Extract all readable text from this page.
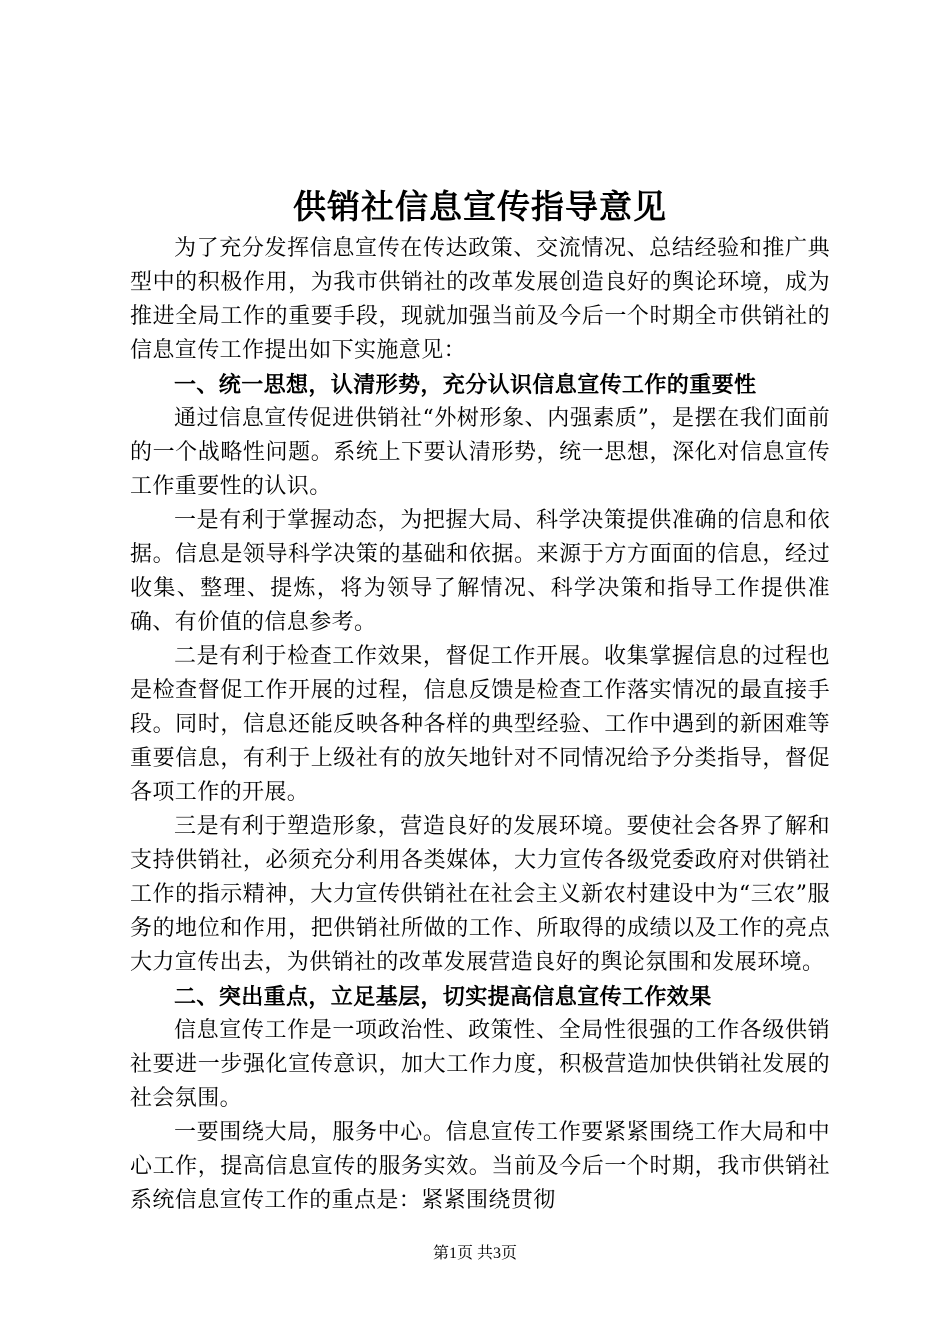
供销社信息宣传指导意见

为了充分发挥信息宣传在传达政策、交流情况、总结经验和推广典型中的积极作用，为我市供销社的改革发展创造良好的舆论环境，成为推进全局工作的重要手段，现就加强当前及今后一个时期全市供销社的信息宣传工作提出如下实施意见：

一、统一思想，认清形势，充分认识信息宣传工作的重要性

通过信息宣传促进供销社“外树形象、内强素质”，是摆在我们面前的一个战略性问题。系统上下要认清形势，统一思想，深化对信息宣传工作重要性的认识。

一是有利于掌握动态，为把握大局、科学决策提供准确的信息和依据。信息是领导科学决策的基础和依据。来源于方方面面的信息，经过收集、整理、提炼，将为领导了解情况、科学决策和指导工作提供准确、有价值的信息参考。

二是有利于检查工作效果，督促工作开展。收集掌握信息的过程也是检查督促工作开展的过程，信息反馈是检查工作落实情况的最直接手段。同时，信息还能反映各种各样的典型经验、工作中遇到的新困难等重要信息，有利于上级社有的放矢地针对不同情况给予分类指导，督促各项工作的开展。

三是有利于塑造形象，营造良好的发展环境。要使社会各界了解和支持供销社，必须充分利用各类媒体，大力宣传各级党委政府对供销社工作的指示精神，大力宣传供销社在社会主义新农村建设中为“三农”服务的地位和作用，把供销社所做的工作、所取得的成绩以及工作的亮点大力宣传出去，为供销社的改革发展营造良好的舆论氛围和发展环境。

二、突出重点，立足基层，切实提高信息宣传工作效果

信息宣传工作是一项政治性、政策性、全局性很强的工作各级供销社要进一步强化宣传意识，加大工作力度，积极营造加快供销社发展的社会氛围。

一要围绕大局，服务中心。信息宣传工作要紧紧围绕工作大局和中心工作，提高信息宣传的服务实效。当前及今后一个时期，我市供销社系统信息宣传工作的重点是：紧紧围绕贯彻

第1页 共3页
